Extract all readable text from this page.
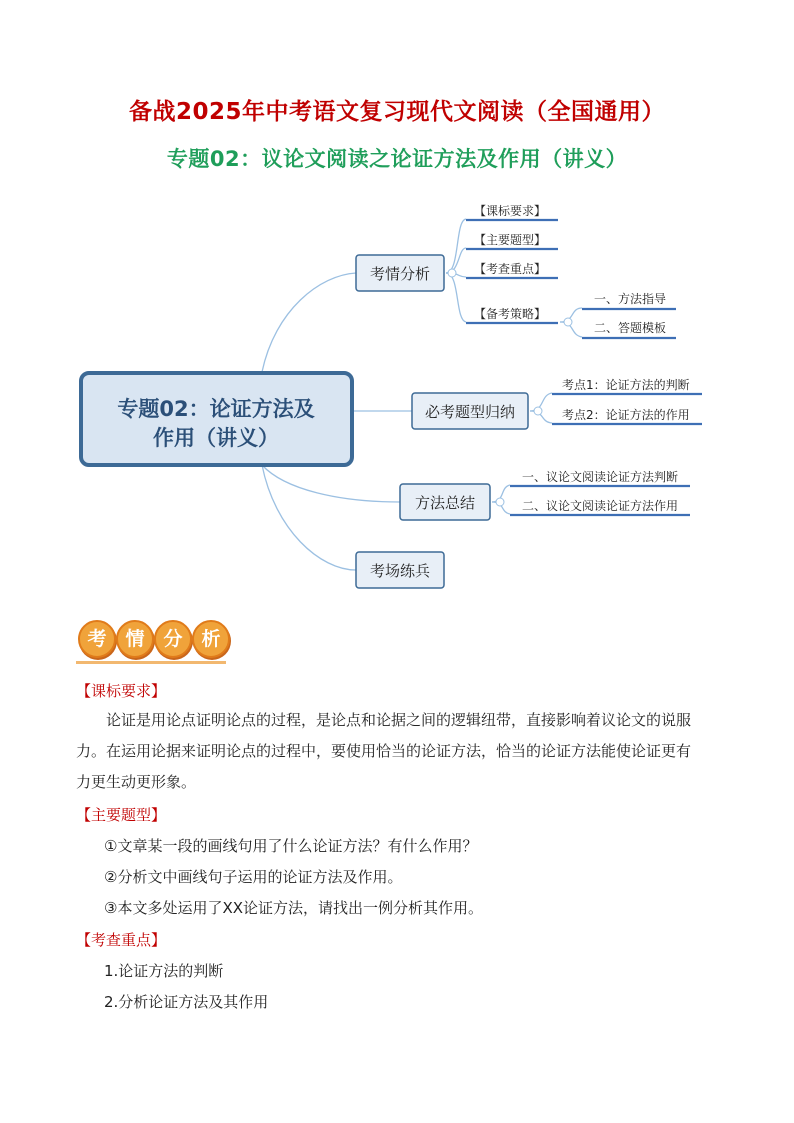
备战2025年中考语文复习现代文阅读（全国通用）
专题02：议论文阅读之论证方法及作用（讲义）
专题02：论证方法及
作用（讲义）
考情分析
必考题型归纳
方法总结
考场练兵
【课标要求】
【主要题型】
【考查重点】
【备考策略】
一、方法指导
二、答题模板
考点1：论证方法的判断
考点2：论证方法的作用
一、议论文阅读论证方法判断
二、议论文阅读论证方法作用
考 情 分 析
【课标要求】
论证是用论点证明论点的过程，是论点和论据之间的逻辑纽带，直接影响着议论文的说服
力。在运用论据来证明论点的过程中，要使用恰当的论证方法，恰当的论证方法能使论证更有
力更生动更形象。
【主要题型】
①文章某一段的画线句用了什么论证方法？有什么作用？
②分析文中画线句子运用的论证方法及作用。
③本文多处运用了XX论证方法，请找出一例分析其作用。
【考查重点】
1.论证方法的判断
2.分析论证方法及其作用
